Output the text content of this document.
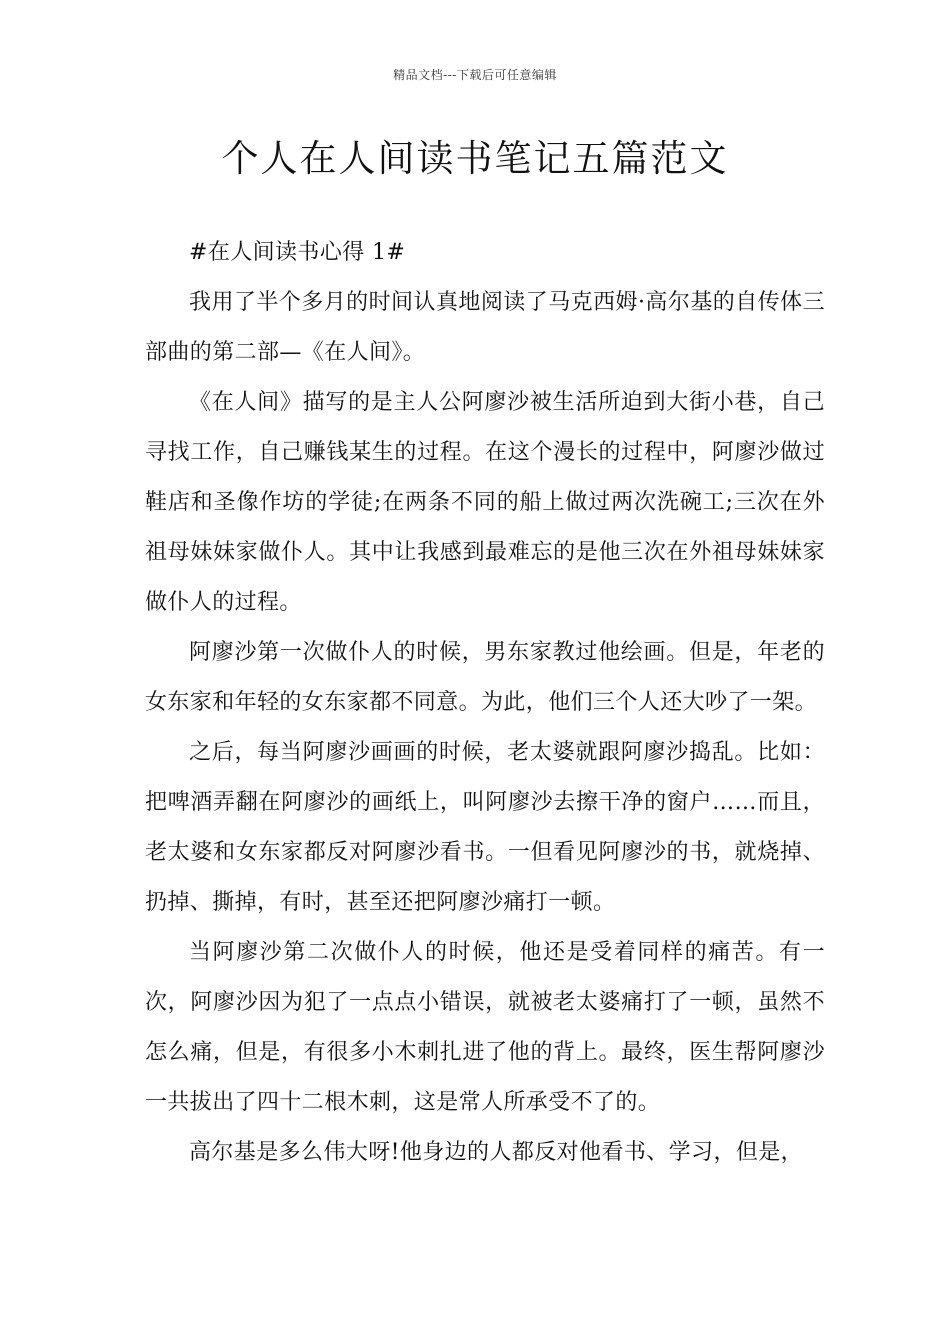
精品文档---下载后可任意编辑
个人在人间读书笔记五篇范文

#在人间读书心得 1#

我用了半个多月的时间认真地阅读了马克西姆·高尔基的自传体三部曲的第二部—《在人间》。

《在人间》描写的是主人公阿廖沙被生活所迫到大街小巷，自己寻找工作，自己赚钱某生的过程。在这个漫长的过程中，阿廖沙做过鞋店和圣像作坊的学徒;在两条不同的船上做过两次洗碗工;三次在外祖母妹妹家做仆人。其中让我感到最难忘的是他三次在外祖母妹妹家做仆人的过程。

阿廖沙第一次做仆人的时候，男东家教过他绘画。但是，年老的女东家和年轻的女东家都不同意。为此，他们三个人还大吵了一架。

之后，每当阿廖沙画画的时候，老太婆就跟阿廖沙捣乱。比如：把啤酒弄翻在阿廖沙的画纸上，叫阿廖沙去擦干净的窗户……而且，老太婆和女东家都反对阿廖沙看书。一但看见阿廖沙的书，就烧掉、扔掉、撕掉，有时，甚至还把阿廖沙痛打一顿。

当阿廖沙第二次做仆人的时候，他还是受着同样的痛苦。有一次，阿廖沙因为犯了一点点小错误，就被老太婆痛打了一顿，虽然不怎么痛，但是，有很多小木刺扎进了他的背上。最终，医生帮阿廖沙一共拔出了四十二根木刺，这是常人所承受不了的。

高尔基是多么伟大呀!他身边的人都反对他看书、学习，但是，
